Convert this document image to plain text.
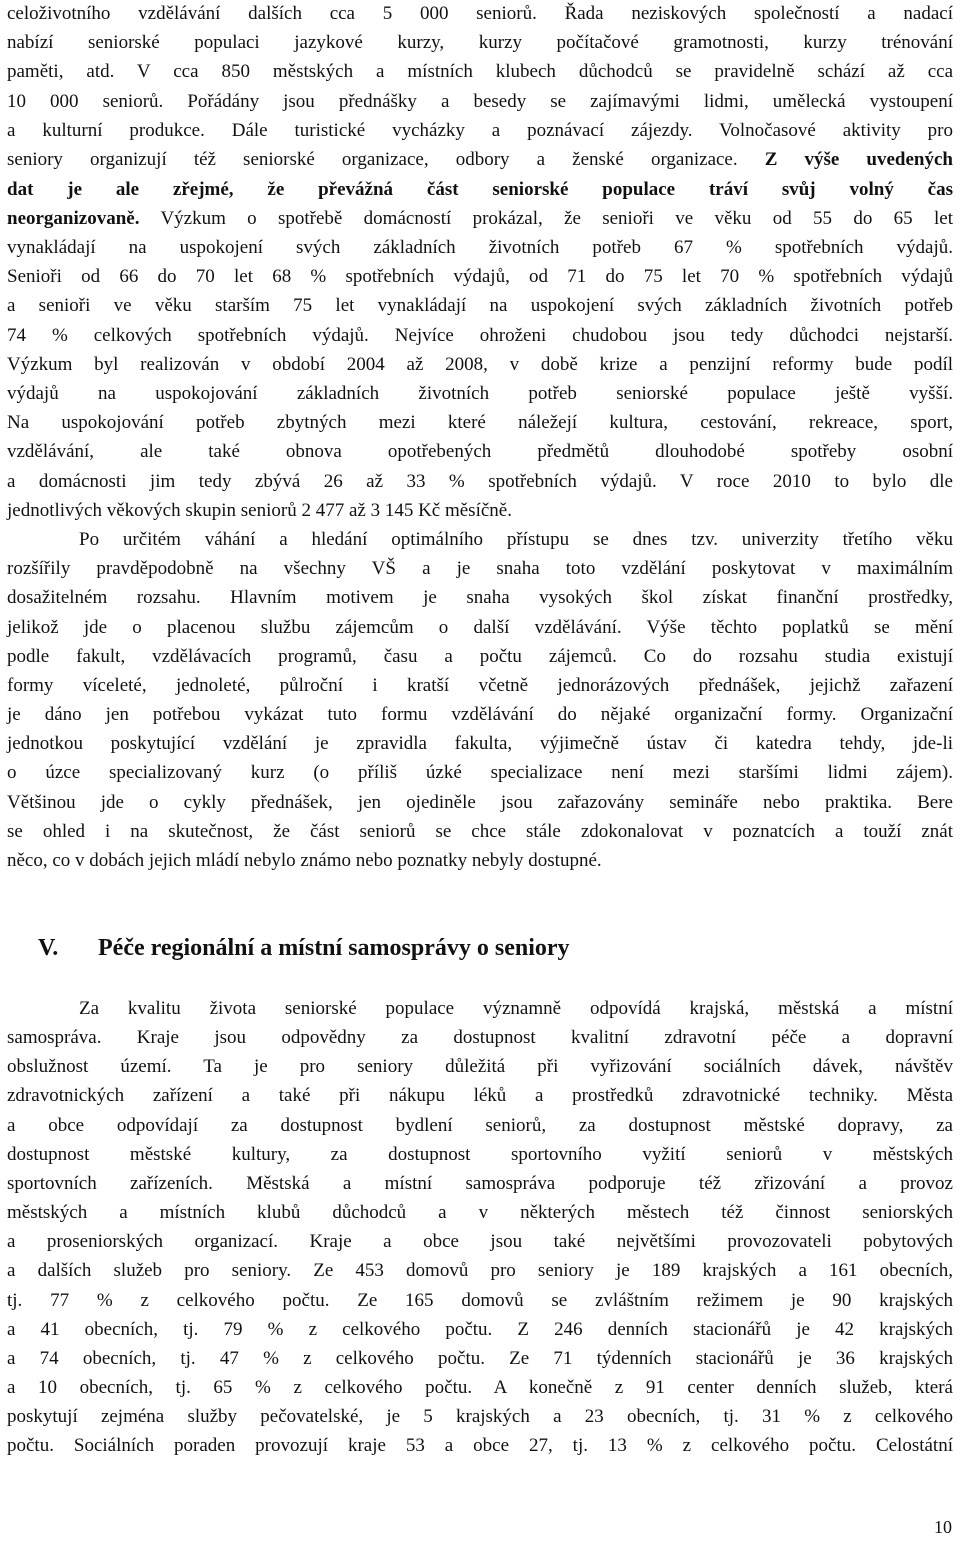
celoživotního vzdělávání dalších cca 5 000 seniorů. Řada neziskových společností a nadací
nabízí seniorské populaci jazykové kurzy, kurzy počítačové gramotnosti, kurzy trénování
paměti, atd. V cca 850 městských a místních klubech důchodců se pravidelně schází až cca
10 000 seniorů. Pořádány jsou přednášky a besedy se zajímavými lidmi, umělecká vystoupení
a kulturní produkce. Dále turistické vycházky a poznávací zájezdy. Volnočasové aktivity pro
seniory organizují též seniorské organizace, odbory a ženské organizace. Z výše uvedených
dat je ale zřejmé, že převážná část seniorské populace tráví svůj volný čas
neorganizovaně. Výzkum o spotřebě domácností prokázal, že senioři ve věku od 55 do 65 let
vynakládají na uspokojení svých základních životních potřeb 67 % spotřebních výdajů.
Senioři od 66 do 70 let 68 % spotřebních výdajů, od 71 do 75 let 70 % spotřebních výdajů
a senioři ve věku starším 75 let vynakládají na uspokojení svých základních životních potřeb
74 % celkových spotřebních výdajů. Nejvíce ohroženi chudobou jsou tedy důchodci nejstarší.
Výzkum byl realizován v období 2004 až 2008, v době krize a penzijní reformy bude podíl
výdajů na uspokojování základních životních potřeb seniorské populace ještě vyšší.
Na uspokojování potřeb zbytných mezi které náležejí kultura, cestování, rekreace, sport,
vzdělávání, ale také obnova opotřebených předmětů dlouhodobé spotřeby osobní
a domácnosti jim tedy zbývá 26 až 33 % spotřebních výdajů. V roce 2010 to bylo dle
jednotlivých věkových skupin seniorů 2 477 až 3 145 Kč měsíčně.
Po určitém váhání a hledání optimálního přístupu se dnes tzv. univerzity třetího věku
rozšířily pravděpodobně na všechny VŠ a je snaha toto vzdělání poskytovat v maximálním
dosažitelném rozsahu. Hlavním motivem je snaha vysokých škol získat finanční prostředky,
jelikož jde o placenou službu zájemcům o další vzdělávání. Výše těchto poplatků se mění
podle fakult, vzdělávacích programů, času a počtu zájemců. Co do rozsahu studia existují
formy víceleté, jednoleté, půlroční i kratší včetně jednorázových přednášek, jejichž zařazení
je dáno jen potřebou vykázat tuto formu vzdělávání do nějaké organizační formy. Organizační
jednotkou poskytující vzdělání je zpravidla fakulta, výjimečně ústav či katedra tehdy, jde-li
o úzce specializovaný kurz (o příliš úzké specializace není mezi staršími lidmi zájem).
Většinou jde o cykly přednášek, jen ojediněle jsou zařazovány semináře nebo praktika. Bere
se ohled i na skutečnost, že část seniorů se chce stále zdokonalovat v poznatcích a touží znát
něco, co v dobách jejich mládí nebylo známo nebo poznatky nebyly dostupné.
V. Péče regionální a místní samosprávy o seniory
Za kvalitu života seniorské populace významně odpovídá krajská, městská a místní
samospráva. Kraje jsou odpovědny za dostupnost kvalitní zdravotní péče a dopravní
obslužnost území. Ta je pro seniory důležitá při vyřizování sociálních dávek, návštěv
zdravotnických zařízení a také při nákupu léků a prostředků zdravotnické techniky. Města
a obce odpovídají za dostupnost bydlení seniorů, za dostupnost městské dopravy, za
dostupnost městské kultury, za dostupnost sportovního vyžití seniorů v městských
sportovních zařízeních. Městská a místní samospráva podporuje též zřizování a provoz
městských a místních klubů důchodců a v některých městech též činnost seniorských
a proseniorských organizací. Kraje a obce jsou také největšími provozovateli pobytových
a dalších služeb pro seniory. Ze 453 domovů pro seniory je 189 krajských a 161 obecních,
tj. 77 % z celkového počtu. Ze 165 domovů se zvláštním režimem je 90 krajských
a 41 obecních, tj. 79 % z celkového počtu. Z 246 denních stacionářů je 42 krajských
a 74 obecních, tj. 47 % z celkového počtu. Ze 71 týdenních stacionářů je 36 krajských
a 10 obecních, tj. 65 % z celkového počtu. A konečně z 91 center denních služeb, která
poskytují zejména služby pečovatelské, je 5 krajských a 23 obecních, tj. 31 % z celkového
počtu. Sociálních poraden provozují kraje 53 a obce 27, tj. 13 % z celkového počtu. Celostátní
10
